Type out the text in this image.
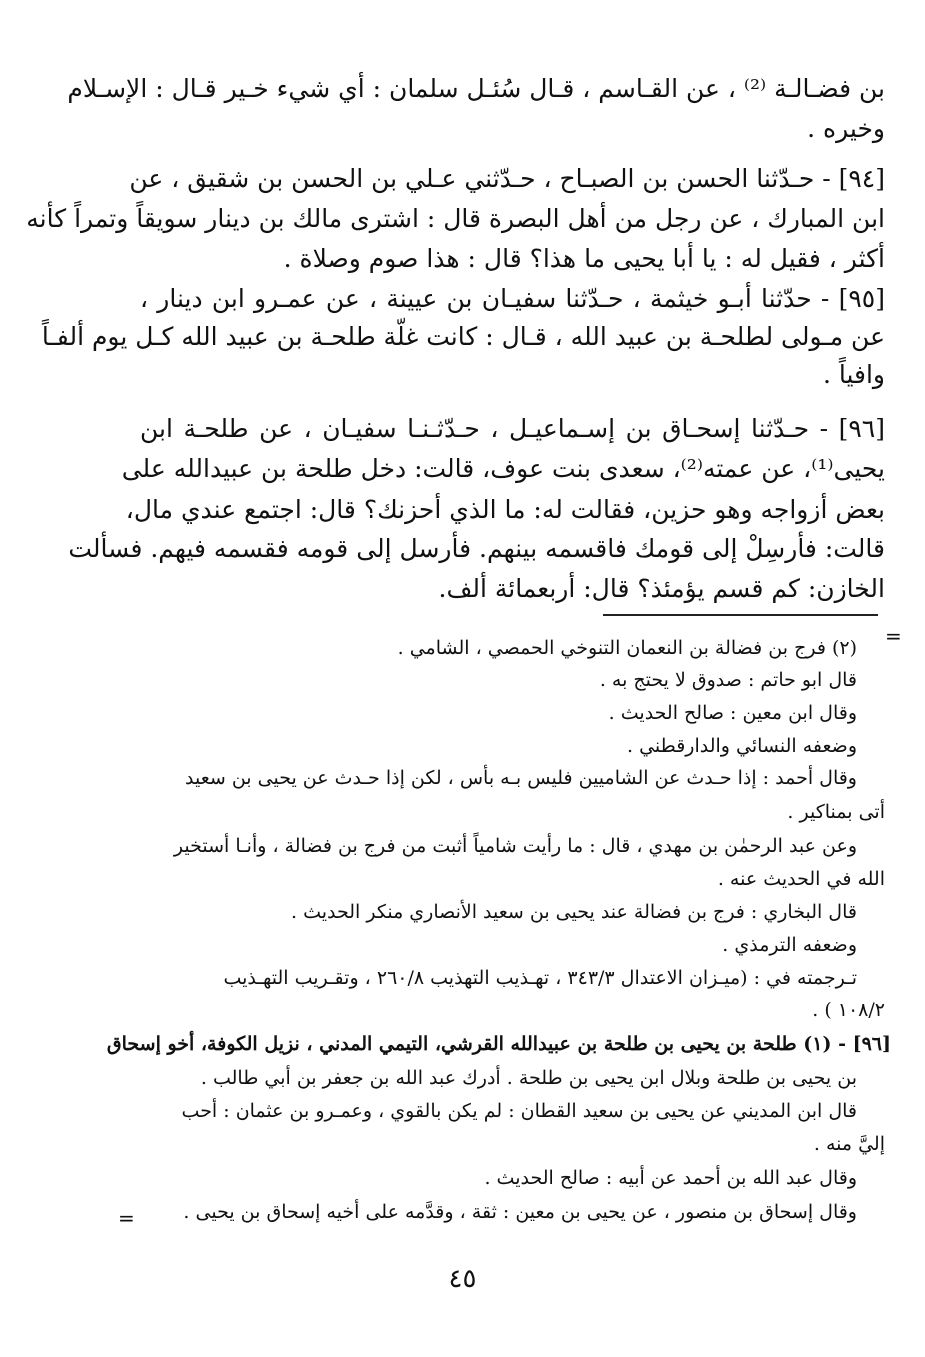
بن فضـالـة ⁽²⁾ ، عن القـاسم ، قـال سُئـل سلمان : أي شيء خـير قـال : الإسـلام
وخيره .
[٩٤] - حـدّثنا الحسن بن الصبـاح ، حـدّثني عـلي بن الحسن بن شقيق ، عن
ابن المبارك ، عن رجل من أهل البصرة قال : اشترى مالك بن دينار سويقاً وتمراً كأنه
أكثر ، فقيل له : يا أبا يحيى ما هذا؟ قال : هذا صوم وصلاة .
[٩٥] - حدّثنا أبـو خيثمة ، حـدّثنا سفيـان بن عيينة ، عن عمـرو ابن دينار ،
عن مـولى لطلحـة بن عبيد الله ، قـال : كانت غلّة طلحـة بن عبيد الله كـل يوم ألفـاً
وافياً .
[٩٦] - حـدّثنا إسحـاق بن إسـماعيـل ، حـدّثـنـا سفيـان ، عن طلحـة ابن
يحيى⁽¹⁾، عن عمته⁽²⁾، سعدى بنت عوف، قالت: دخل طلحة بن عبيدالله على
بعض أزواجه وهو حزين، فقالت له: ما الذي أحزنك؟ قال: اجتمع عندي مال،
قالت: فأرسِلْ إلى قومك فاقسمه بينهم. فأرسل إلى قومه فقسمه فيهم. فسألت
الخازن: كم قسم يؤمئذ؟ قال: أربعمائة ألف.
=
(٢) فرج بن فضالة بن النعمان التنوخي الحمصي ، الشامي .
قال ابو حاتم : صدوق لا يحتج به .
وقال ابن معين : صالح الحديث .
وضعفه النسائي والدارقطني .
وقال أحمد : إذا حـدث عن الشاميين فليس بـه بأس ، لكن إذا حـدث عن يحيى بن سعيد
أتى بمناكير .
وعن عبد الرحمٰن بن مهدي ، قال : ما رأيت شامياً أثبت من فرج بن فضالة ، وأنـا أستخير
الله في الحديث عنه .
قال البخاري : فرج بن فضالة عند يحيى بن سعيد الأنصاري منكر الحديث .
وضعفه الترمذي .
تـرجمته في : (ميـزان الاعتدال ٣٤٣/٣ ، تهـذيب التهذيب ٢٦٠/٨ ، وتقـريب التهـذيب
١٠٨/٢ ) .
[٩٦] - (١) طلحة بن يحيى بن طلحة بن عبيدالله القرشي، التيمي المدني ، نزيل الكوفة، أخو إسحاق
بن يحيى بن طلحة وبلال ابن يحيى بن طلحة . أدرك عبد الله بن جعفر بن أبي طالب .
قال ابن المديني عن يحيى بن سعيد القطان : لم يكن بالقوي ، وعمـرو بن عثمان : أحب
إليَّ منه .
وقال عبد الله بن أحمد عن أبيه : صالح الحديث .
وقال إسحاق بن منصور ، عن يحيى بن معين : ثقة ، وقدَّمه على أخيه إسحاق بن يحيى .
=
٤٥
